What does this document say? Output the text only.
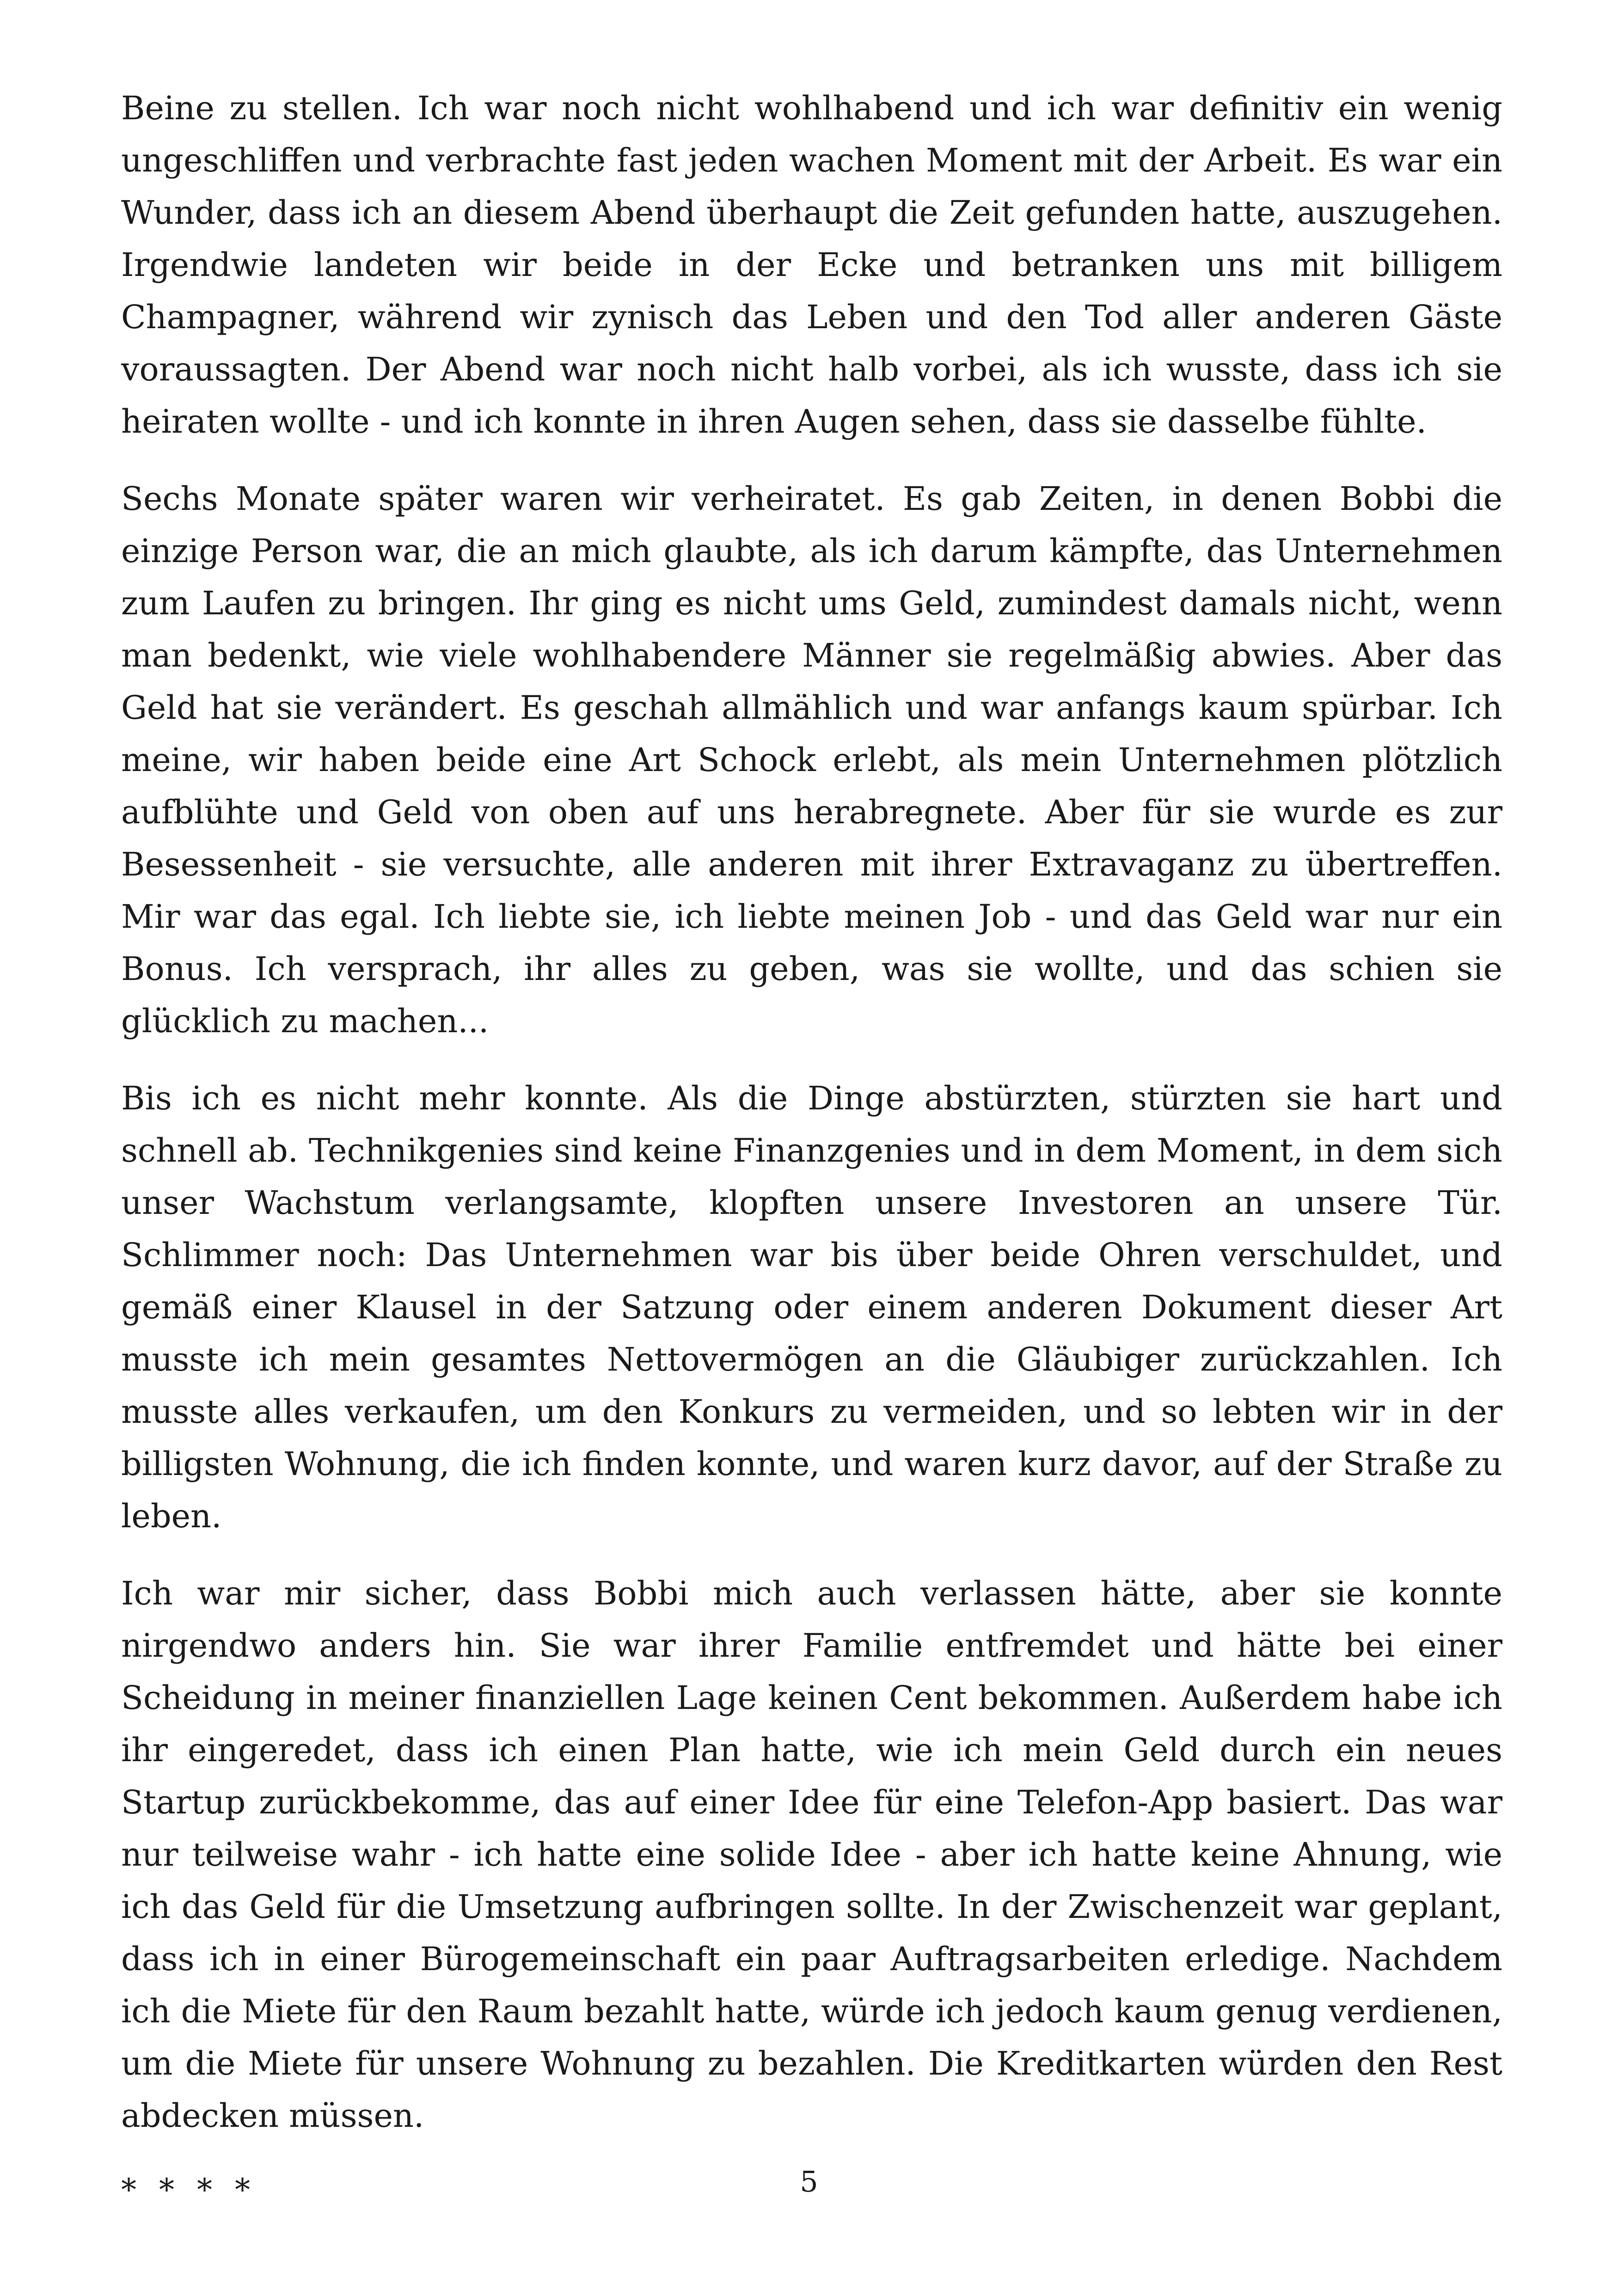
Beine zu stellen. Ich war noch nicht wohlhabend und ich war definitiv ein wenig ungeschliffen und verbrachte fast jeden wachen Moment mit der Arbeit. Es war ein Wunder, dass ich an diesem Abend überhaupt die Zeit gefunden hatte, auszugehen. Irgendwie landeten wir beide in der Ecke und betranken uns mit billigem Champagner, während wir zynisch das Leben und den Tod aller anderen Gäste voraussagten. Der Abend war noch nicht halb vorbei, als ich wusste, dass ich sie heiraten wollte - und ich konnte in ihren Augen sehen, dass sie dasselbe fühlte.

Sechs Monate später waren wir verheiratet. Es gab Zeiten, in denen Bobbi die einzige Person war, die an mich glaubte, als ich darum kämpfte, das Unternehmen zum Laufen zu bringen. Ihr ging es nicht ums Geld, zumindest damals nicht, wenn man bedenkt, wie viele wohlhabendere Männer sie regelmäßig abwies. Aber das Geld hat sie verändert. Es geschah allmählich und war anfangs kaum spürbar. Ich meine, wir haben beide eine Art Schock erlebt, als mein Unternehmen plötzlich aufblühte und Geld von oben auf uns herabregnete. Aber für sie wurde es zur Besessenheit - sie versuchte, alle anderen mit ihrer Extravaganz zu übertreffen. Mir war das egal. Ich liebte sie, ich liebte meinen Job - und das Geld war nur ein Bonus. Ich versprach, ihr alles zu geben, was sie wollte, und das schien sie glücklich zu machen...

Bis ich es nicht mehr konnte. Als die Dinge abstürzten, stürzten sie hart und schnell ab. Technikgenies sind keine Finanzgenies und in dem Moment, in dem sich unser Wachstum verlangsamte, klopften unsere Investoren an unsere Tür. Schlimmer noch: Das Unternehmen war bis über beide Ohren verschuldet, und gemäß einer Klausel in der Satzung oder einem anderen Dokument dieser Art musste ich mein gesamtes Nettovermögen an die Gläubiger zurückzahlen. Ich musste alles verkaufen, um den Konkurs zu vermeiden, und so lebten wir in der billigsten Wohnung, die ich finden konnte, und waren kurz davor, auf der Straße zu leben.

Ich war mir sicher, dass Bobbi mich auch verlassen hätte, aber sie konnte nirgendwo anders hin. Sie war ihrer Familie entfremdet und hätte bei einer Scheidung in meiner finanziellen Lage keinen Cent bekommen. Außerdem habe ich ihr eingeredet, dass ich einen Plan hatte, wie ich mein Geld durch ein neues Startup zurückbekomme, das auf einer Idee für eine Telefon-App basiert. Das war nur teilweise wahr - ich hatte eine solide Idee - aber ich hatte keine Ahnung, wie ich das Geld für die Umsetzung aufbringen sollte. In der Zwischenzeit war geplant, dass ich in einer Bürogemeinschaft ein paar Auftragsarbeiten erledige. Nachdem ich die Miete für den Raum bezahlt hatte, würde ich jedoch kaum genug verdienen, um die Miete für unsere Wohnung zu bezahlen. Die Kreditkarten würden den Rest abdecken müssen.

* * * *	5
